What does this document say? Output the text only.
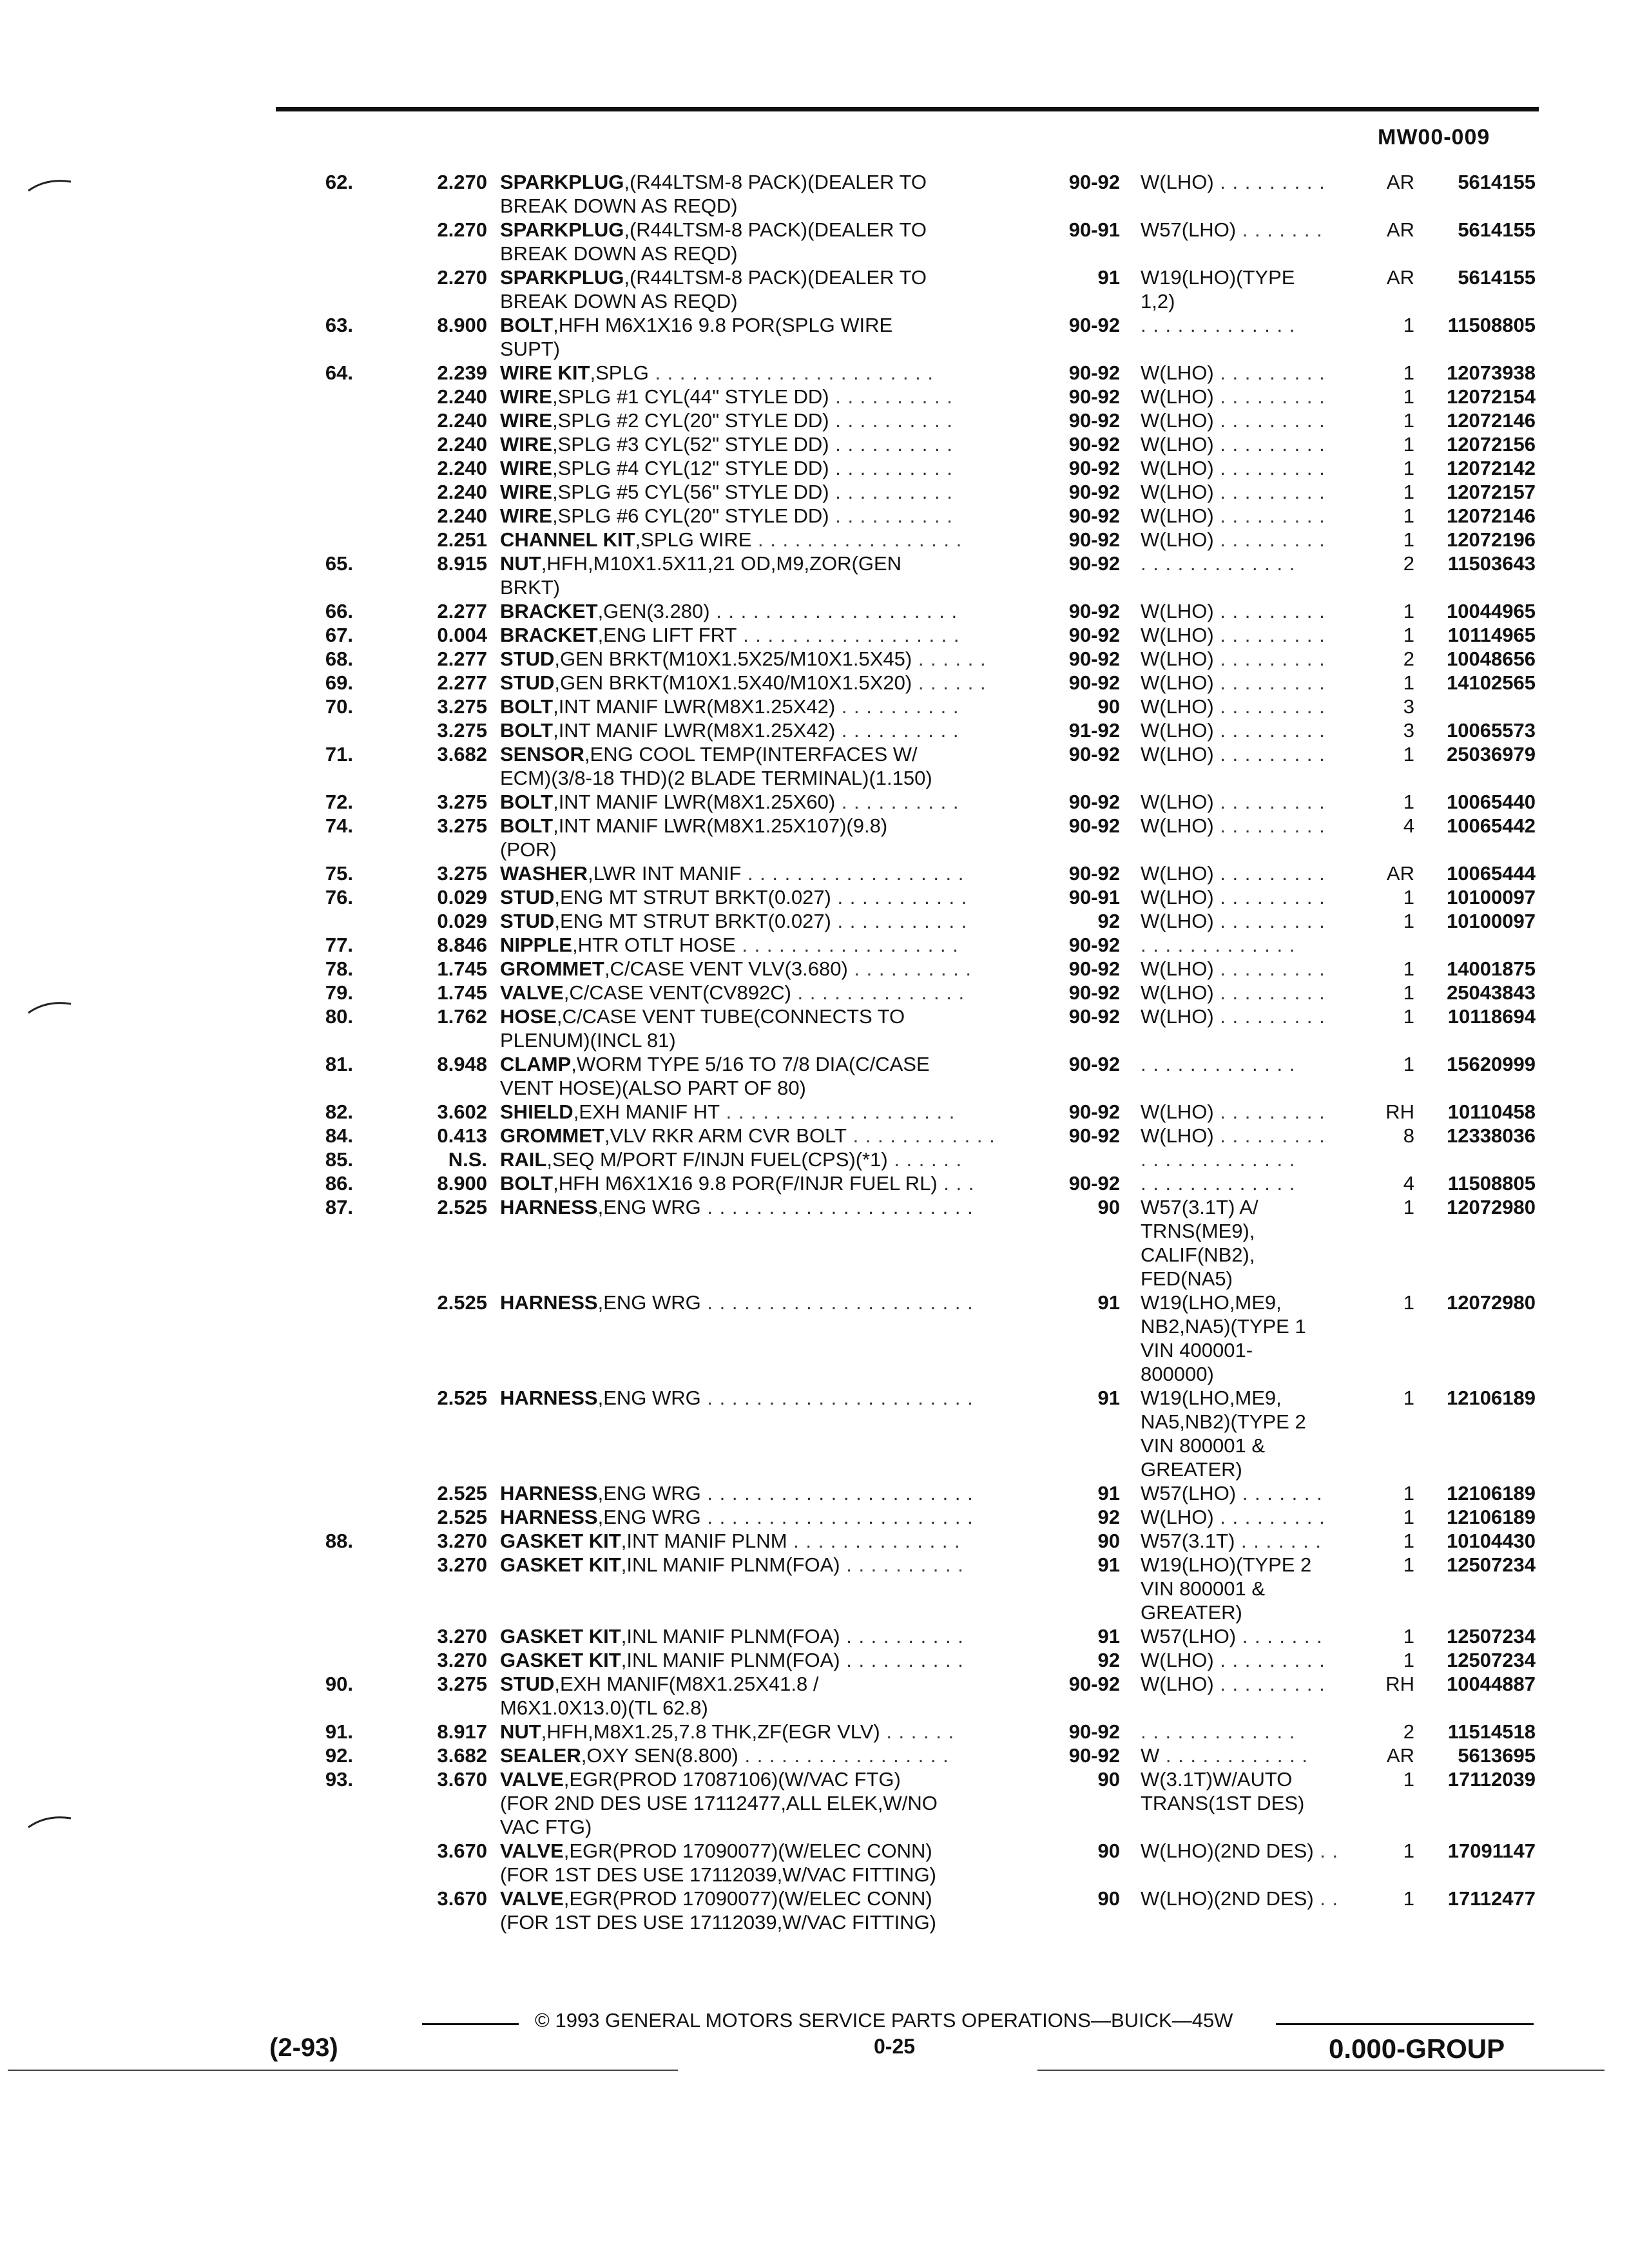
MW00-009
62.	2.270 SPARKPLUG,(R44LTSM-8 PACK)(DEALER TO
BREAK DOWN AS REQD)
90-92 W(LHO) . . . . . . . . .	AR	5614155
2.270 SPARKPLUG,(R44LTSM-8 PACK)(DEALER TO
BREAK DOWN AS REQD)
90-91 W57(LHO) . . . . . . .	AR	5614155
2.270 SPARKPLUG,(R44LTSM-8 PACK)(DEALER TO
BREAK DOWN AS REQD)
91 W19(LHO)(TYPE
1,2)
AR	5614155
63.	8.900 BOLT,HFH M6X1X16 9.8 POR(SPLG WIRE
SUPT)
90-92 . . . . . . . . . . . . .	1	11508805
64.	2.239 WIRE KIT,SPLG . . . . . . . . . . . . . . . . . . . . . . .	90-92 W(LHO) . . . . . . . . .	1	12073938
2.240 WIRE,SPLG #1 CYL(44" STYLE DD) . . . . . . . . . .	90-92 W(LHO) . . . . . . . . .	1	12072154
2.240 WIRE,SPLG #2 CYL(20" STYLE DD) . . . . . . . . . .	90-92 W(LHO) . . . . . . . . .	1	12072146
2.240 WIRE,SPLG #3 CYL(52" STYLE DD) . . . . . . . . . .	90-92 W(LHO) . . . . . . . . .	1	12072156
2.240 WIRE,SPLG #4 CYL(12" STYLE DD) . . . . . . . . . .	90-92 W(LHO) . . . . . . . . .	1	12072142
2.240 WIRE,SPLG #5 CYL(56" STYLE DD) . . . . . . . . . .	90-92 W(LHO) . . . . . . . . .	1	12072157
2.240 WIRE,SPLG #6 CYL(20" STYLE DD) . . . . . . . . . .	90-92 W(LHO) . . . . . . . . .	1	12072146
2.251 CHANNEL KIT,SPLG WIRE . . . . . . . . . . . . . . . . .	90-92 W(LHO) . . . . . . . . .	1	12072196
65.	8.915 NUT,HFH,M10X1.5X11,21 OD,M9,ZOR(GEN
BRKT)
90-92 . . . . . . . . . . . . .	2	11503643
66.	2.277 BRACKET,GEN(3.280) . . . . . . . . . . . . . . . . . . . .	90-92 W(LHO) . . . . . . . . .	1	10044965
67.	0.004 BRACKET,ENG LIFT FRT . . . . . . . . . . . . . . . . . .	90-92 W(LHO) . . . . . . . . .	1	10114965
68.	2.277 STUD,GEN BRKT(M10X1.5X25/M10X1.5X45) . . . . . .	90-92 W(LHO) . . . . . . . . .	2	10048656
69.	2.277 STUD,GEN BRKT(M10X1.5X40/M10X1.5X20) . . . . . .	90-92 W(LHO) . . . . . . . . .	1	14102565
70.	3.275 BOLT,INT MANIF LWR(M8X1.25X42) . . . . . . . . . .	90 W(LHO) . . . . . . . . .	3
3.275 BOLT,INT MANIF LWR(M8X1.25X42) . . . . . . . . . .	91-92 W(LHO) . . . . . . . . .	3	10065573
71.	3.682 SENSOR,ENG COOL TEMP(INTERFACES W/
ECM)(3/8-18 THD)(2 BLADE TERMINAL)(1.150)
90-92 W(LHO) . . . . . . . . .	1	25036979
72.	3.275 BOLT,INT MANIF LWR(M8X1.25X60) . . . . . . . . . .	90-92 W(LHO) . . . . . . . . .	1	10065440
74.	3.275 BOLT,INT MANIF LWR(M8X1.25X107)(9.8)
(POR)
90-92 W(LHO) . . . . . . . . .	4	10065442
75.	3.275 WASHER,LWR INT MANIF . . . . . . . . . . . . . . . . . .	90-92 W(LHO) . . . . . . . . .	AR	10065444
76.	0.029 STUD,ENG MT STRUT BRKT(0.027) . . . . . . . . . . .	90-91 W(LHO) . . . . . . . . .	1	10100097
0.029 STUD,ENG MT STRUT BRKT(0.027) . . . . . . . . . . .	92 W(LHO) . . . . . . . . .	1	10100097
77.	8.846 NIPPLE,HTR OTLT HOSE . . . . . . . . . . . . . . . . . .	90-92 . . . . . . . . . . . . .
78.	1.745 GROMMET,C/CASE VENT VLV(3.680) . . . . . . . . . .	90-92 W(LHO) . . . . . . . . .	1	14001875
79.	1.745 VALVE,C/CASE VENT(CV892C) . . . . . . . . . . . . . .	90-92 W(LHO) . . . . . . . . .	1	25043843
80.	1.762 HOSE,C/CASE VENT TUBE(CONNECTS TO
PLENUM)(INCL 81)
90-92 W(LHO) . . . . . . . . .	1	10118694
81.	8.948 CLAMP,WORM TYPE 5/16 TO 7/8 DIA(C/CASE
VENT HOSE)(ALSO PART OF 80)
90-92 . . . . . . . . . . . . .	1	15620999
82.	3.602 SHIELD,EXH MANIF HT . . . . . . . . . . . . . . . . . . .	90-92 W(LHO) . . . . . . . . .	RH	10110458
84.	0.413 GROMMET,VLV RKR ARM CVR BOLT . . . . . . . . . . . .	90-92 W(LHO) . . . . . . . . .	8	12338036
85.	N.S. RAIL,SEQ M/PORT F/INJN FUEL(CPS)(*1) . . . . . .	. . . . . . . . . . . . .
86.	8.900 BOLT,HFH M6X1X16 9.8 POR(F/INJR FUEL RL) . . .	90-92 . . . . . . . . . . . . .	4	11508805
87.	2.525 HARNESS,ENG WRG . . . . . . . . . . . . . . . . . . . . . .	90 W57(3.1T) A/
TRNS(ME9),
CALIF(NB2),
FED(NA5)
1	12072980
2.525 HARNESS,ENG WRG . . . . . . . . . . . . . . . . . . . . . .	91 W19(LHO,ME9,
NB2,NA5)(TYPE 1
VIN 400001-
800000)
1	12072980
2.525 HARNESS,ENG WRG . . . . . . . . . . . . . . . . . . . . . .	91 W19(LHO,ME9,
NA5,NB2)(TYPE 2
VIN 800001 &
GREATER)
1	12106189
2.525 HARNESS,ENG WRG . . . . . . . . . . . . . . . . . . . . . .	91 W57(LHO) . . . . . . .	1	12106189
2.525 HARNESS,ENG WRG . . . . . . . . . . . . . . . . . . . . . .	92 W(LHO) . . . . . . . . .	1	12106189
88.	3.270 GASKET KIT,INT MANIF PLNM . . . . . . . . . . . . . .	90 W57(3.1T) . . . . . . .	1	10104430
3.270 GASKET KIT,INL MANIF PLNM(FOA) . . . . . . . . . .	91 W19(LHO)(TYPE 2
VIN 800001 &
GREATER)
1	12507234
3.270 GASKET KIT,INL MANIF PLNM(FOA) . . . . . . . . . .	91 W57(LHO) . . . . . . .	1	12507234
3.270 GASKET KIT,INL MANIF PLNM(FOA) . . . . . . . . . .	92 W(LHO) . . . . . . . . .	1	12507234
90.	3.275 STUD,EXH MANIF(M8X1.25X41.8 /
M6X1.0X13.0)(TL 62.8)
90-92 W(LHO) . . . . . . . . .	RH	10044887
91.	8.917 NUT,HFH,M8X1.25,7.8 THK,ZF(EGR VLV) . . . . . .	90-92 . . . . . . . . . . . . .	2	11514518
92.	3.682 SEALER,OXY SEN(8.800) . . . . . . . . . . . . . . . . .	90-92 W . . . . . . . . . . . .	AR	5613695
93.	3.670 VALVE,EGR(PROD 17087106)(W/VAC FTG)
(FOR 2ND DES USE 17112477,ALL ELEK,W/NO
VAC FTG)
90 W(3.1T)W/AUTO
TRANS(1ST DES)
1	17112039
3.670 VALVE,EGR(PROD 17090077)(W/ELEC CONN)
(FOR 1ST DES USE 17112039,W/VAC FITTING)
90 W(LHO)(2ND DES) . .	1	17091147
3.670 VALVE,EGR(PROD 17090077)(W/ELEC CONN)
(FOR 1ST DES USE 17112039,W/VAC FITTING)
90 W(LHO)(2ND DES) . .	1	17112477
© 1993 GENERAL MOTORS SERVICE PARTS OPERATIONS—BUICK—45W
(2-93)	0-25	0.000-GROUP
